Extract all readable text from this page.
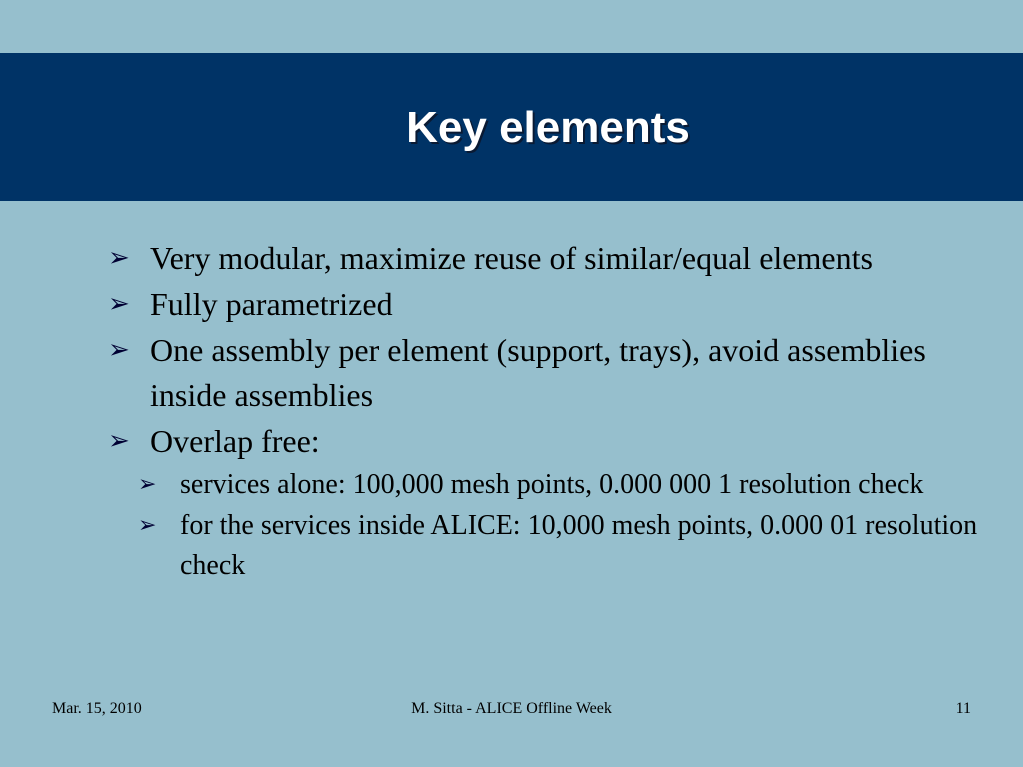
Key elements
➢ Very modular, maximize reuse of similar/equal elements
➢ Fully parametrized
➢ One assembly per element (support, trays), avoid assemblies inside assemblies
➢ Overlap free:
➢ services alone: 100,000 mesh points, 0.000 000 1 resolution check
➢ for the services inside ALICE: 10,000 mesh points, 0.000 01 resolution check
Mar. 15, 2010	M. Sitta - ALICE Offline Week	11
